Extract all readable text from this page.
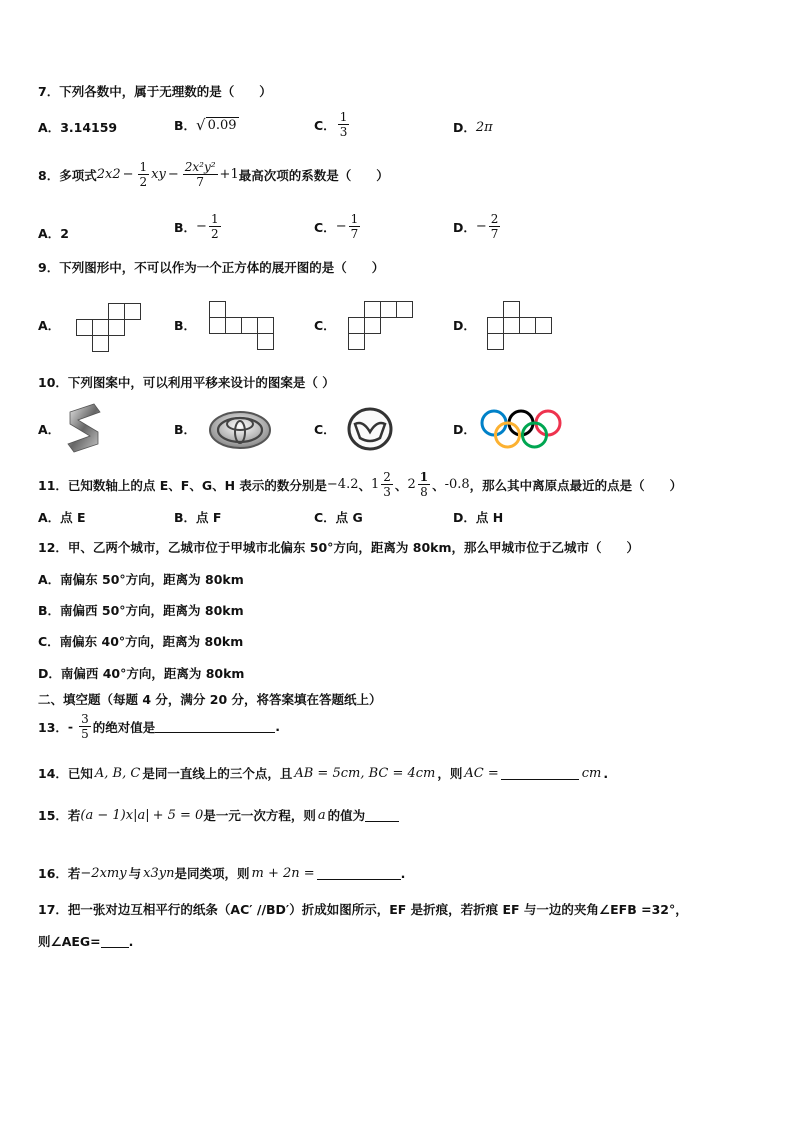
7．下列各数中，属于无理数的是（　　）
A． 3.14159	B． √ 0.09	C． $\frac{1}{3}$	D． 2π
8．多项式 2x $2 - \frac{1}{2}$ xy − $\frac{\text{2x²y²}}{7} +1$ 最高次项的系数是（　　）
A． 2	B． − $\frac{1}{2}$	C． − $\frac{1}{7}$	D． − $\frac{2}{7}$
9．下列图形中，不可以作为一个正方体的展开图的是（　　）
A．	B．	C．	D．
10．下列图案中，可以利用平移来设计的图案是（ ）
A．	B．	C．	D．
11．已知数轴上的点 E、F、G、H 表示的数分别是 −4.2 、 $1 \frac{2}{3}$ 、 $2 \frac{1}{8}$ 、 -0.8 ，那么其中离原点最近的点是（　　）
A．点 E	B．点 F	C．点 G	D．点 H
12．甲、乙两个城市，乙城市位于甲城市北偏东 50°方向，距离为 80km，那么甲城市位于乙城市（　　）
A．南偏东 50°方向，距离为 80km
B．南偏西 50°方向，距离为 80km
C．南偏东 40°方向，距离为 80km
D．南偏西 40°方向，距离为 80km
二、填空题（每题 4 分，满分 20 分，将答案填在答题纸上）
13． - $\frac{3}{5}$ 的绝对值是	.
14．已知 A, B, C 是同一直线上的三个点，且 AB = 5cm, BC = 4cm ，则 AC =	cm .
15．若 (a − 1)x |a| + 5 = 0 是一元一次方程，则 a 的值为
16．若 −2x m y 与 x 3 y n 是同类项，则 m + 2n =	.
17．把一张对边互相平行的纸条（AC′ //BD′）折成如图所示，EF 是折痕，若折痕 EF 与一边的夹角∠EFB =32°，
则∠AEG= .
